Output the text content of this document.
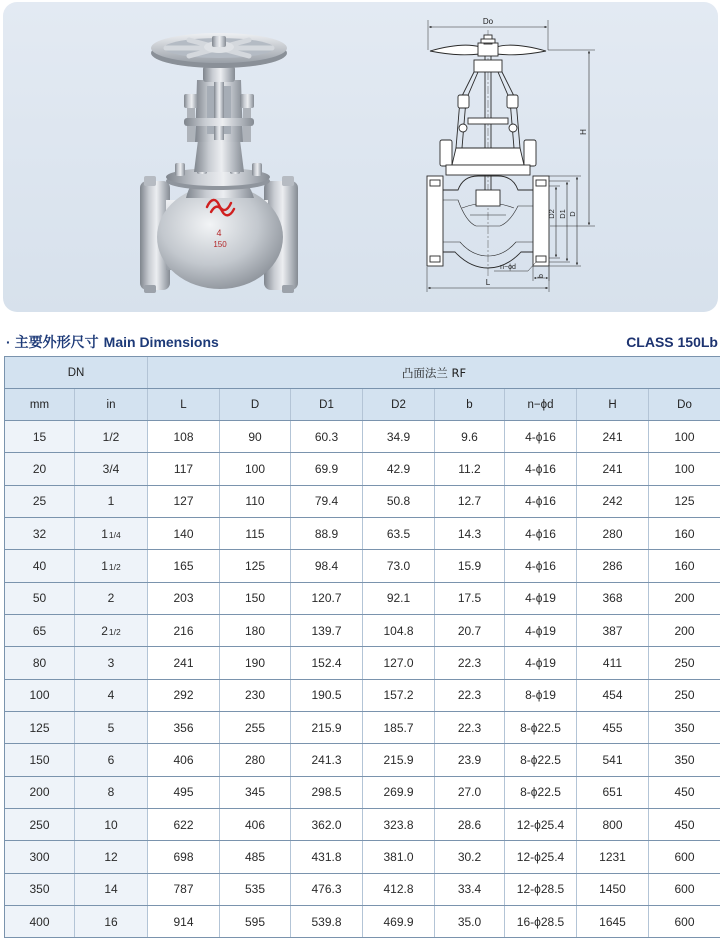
4
150
Do
H
D2 D1 D
n−ϕd
b
L
· 主要外形尺寸 Main Dimensions	CLASS 150Lb
DN	凸面法兰 RF
mm	in	L	D	D1	D2	b	n−ϕd	H	Do
15	1/2	108	90	60.3	34.9	9.6	4-ϕ16	241	100
20	3/4	117	100	69.9	42.9	11.2	4-ϕ16	241	100
25	1	127	110	79.4	50.8	12.7	4-ϕ16	242	125
32	1 1/4	140	115	88.9	63.5	14.3	4-ϕ16	280	160
40	1 1/2	165	125	98.4	73.0	15.9	4-ϕ16	286	160
50	2	203	150	120.7	92.1	17.5	4-ϕ19	368	200
65	2 1/2	216	180	139.7	104.8	20.7	4-ϕ19	387	200
80	3	241	190	152.4	127.0	22.3	4-ϕ19	411	250
100	4	292	230	190.5	157.2	22.3	8-ϕ19	454	250
125	5	356	255	215.9	185.7	22.3	8-ϕ22.5	455	350
150	6	406	280	241.3	215.9	23.9	8-ϕ22.5	541	350
200	8	495	345	298.5	269.9	27.0	8-ϕ22.5	651	450
250	10	622	406	362.0	323.8	28.6	12-ϕ25.4	800	450
300	12	698	485	431.8	381.0	30.2	12-ϕ25.4	1231	600
350	14	787	535	476.3	412.8	33.4	12-ϕ28.5	1450	600
400	16	914	595	539.8	469.9	35.0	16-ϕ28.5	1645	600
